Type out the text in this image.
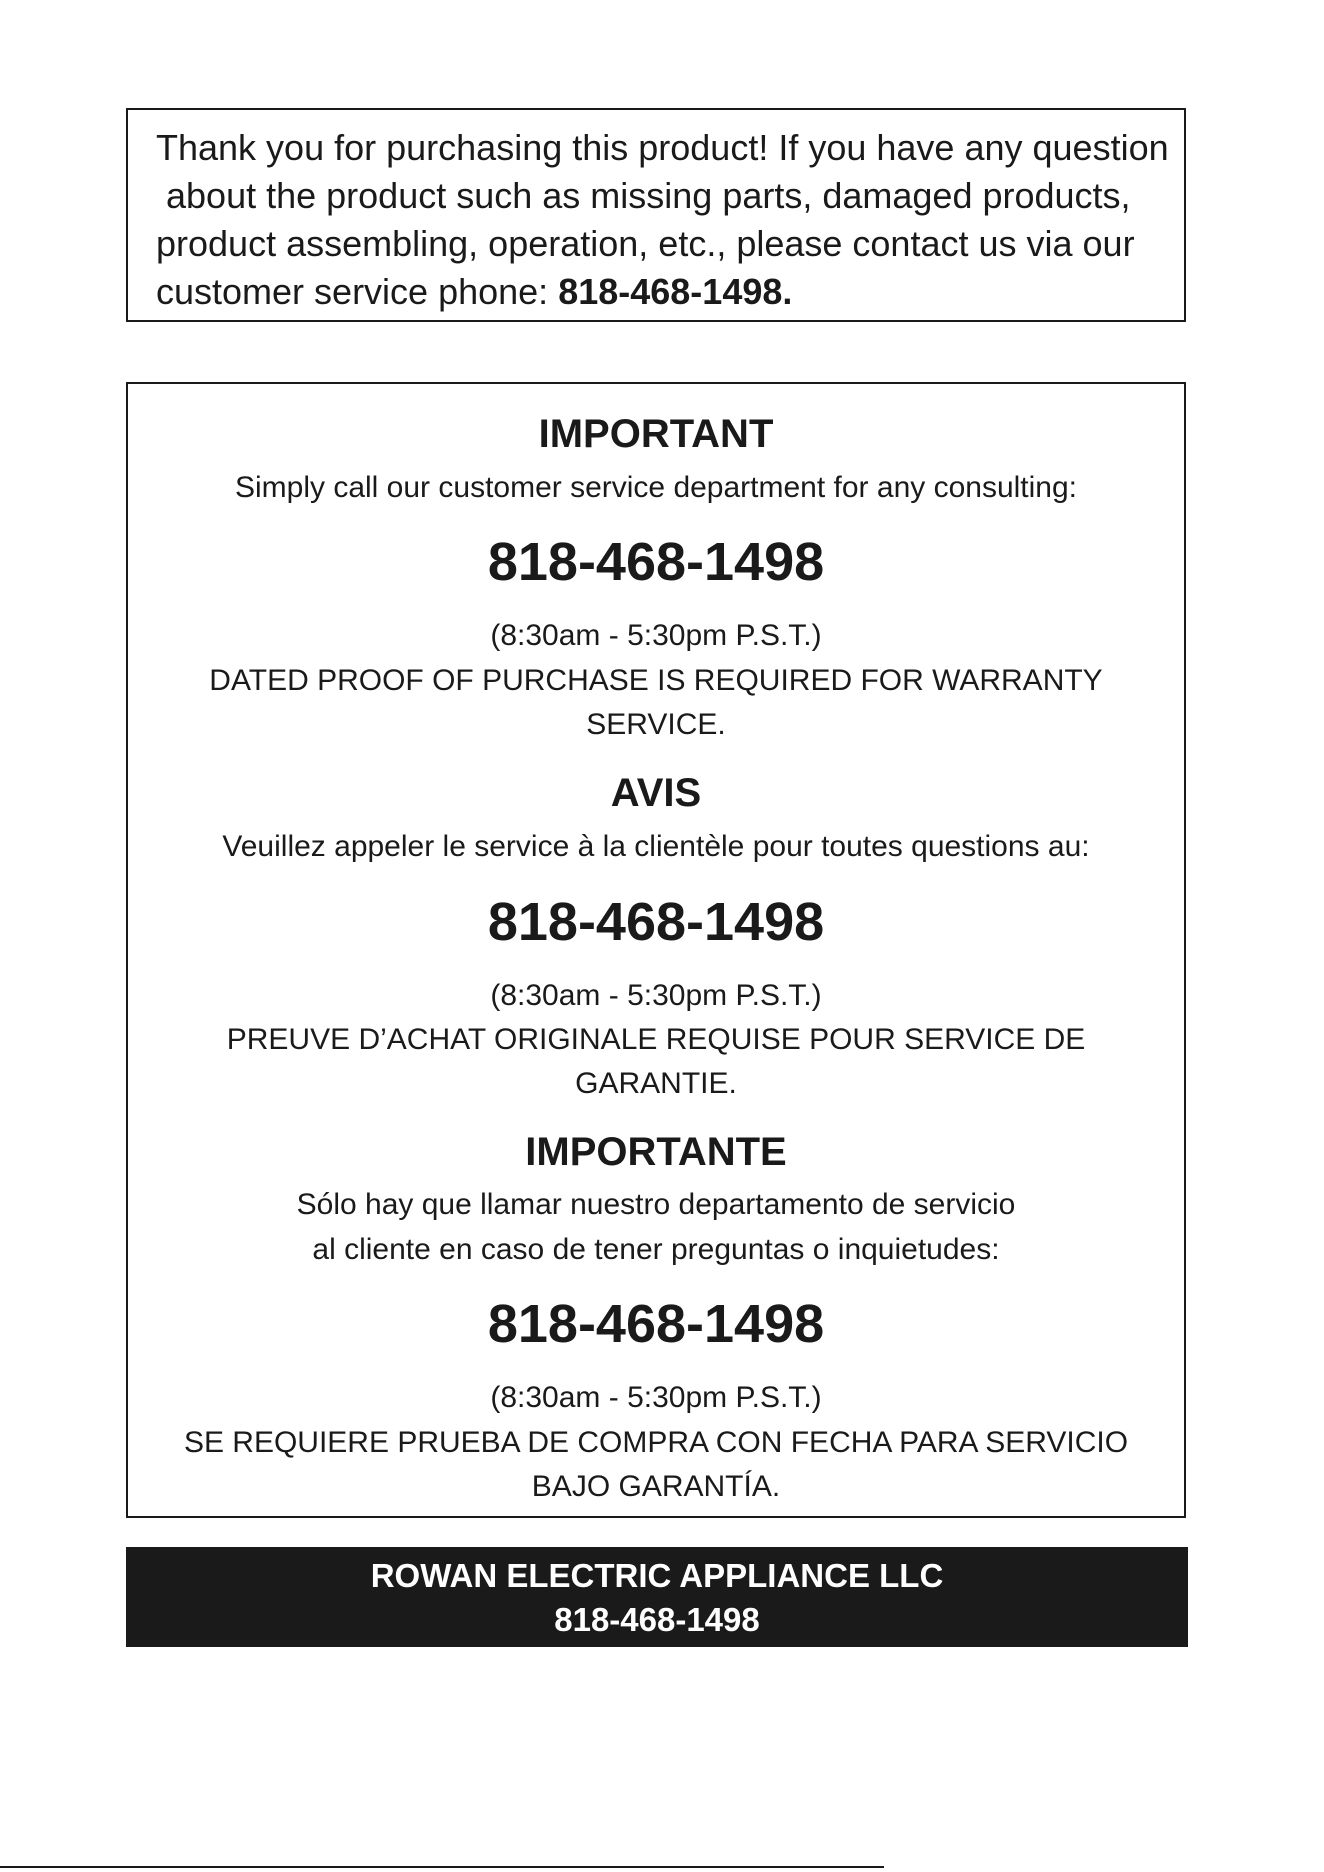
Thank you for purchasing this product! If you have any question

about the product such as missing parts, damaged products,

product assembling, operation, etc., please contact us via our

customer service phone: 818-468-1498.

IMPORTANT
Simply call our customer service department for any consulting:
818-468-1498
(8:30am - 5:30pm P.S.T.)
DATED PROOF OF PURCHASE IS REQUIRED FOR WARRANTY
SERVICE.
AVIS
Veuillez appeler le service à la clientèle pour toutes questions au:
818-468-1498
(8:30am - 5:30pm P.S.T.)
PREUVE D’ACHAT ORIGINALE REQUISE POUR SERVICE DE
GARANTIE.
IMPORTANTE
Sólo hay que llamar nuestro departamento de servicio
al cliente en caso de tener preguntas o inquietudes:
818-468-1498
(8:30am - 5:30pm P.S.T.)
SE REQUIERE PRUEBA DE COMPRA CON FECHA PARA SERVICIO
BAJO GARANTÍA.
ROWAN ELECTRIC APPLIANCE LLC
818-468-1498
